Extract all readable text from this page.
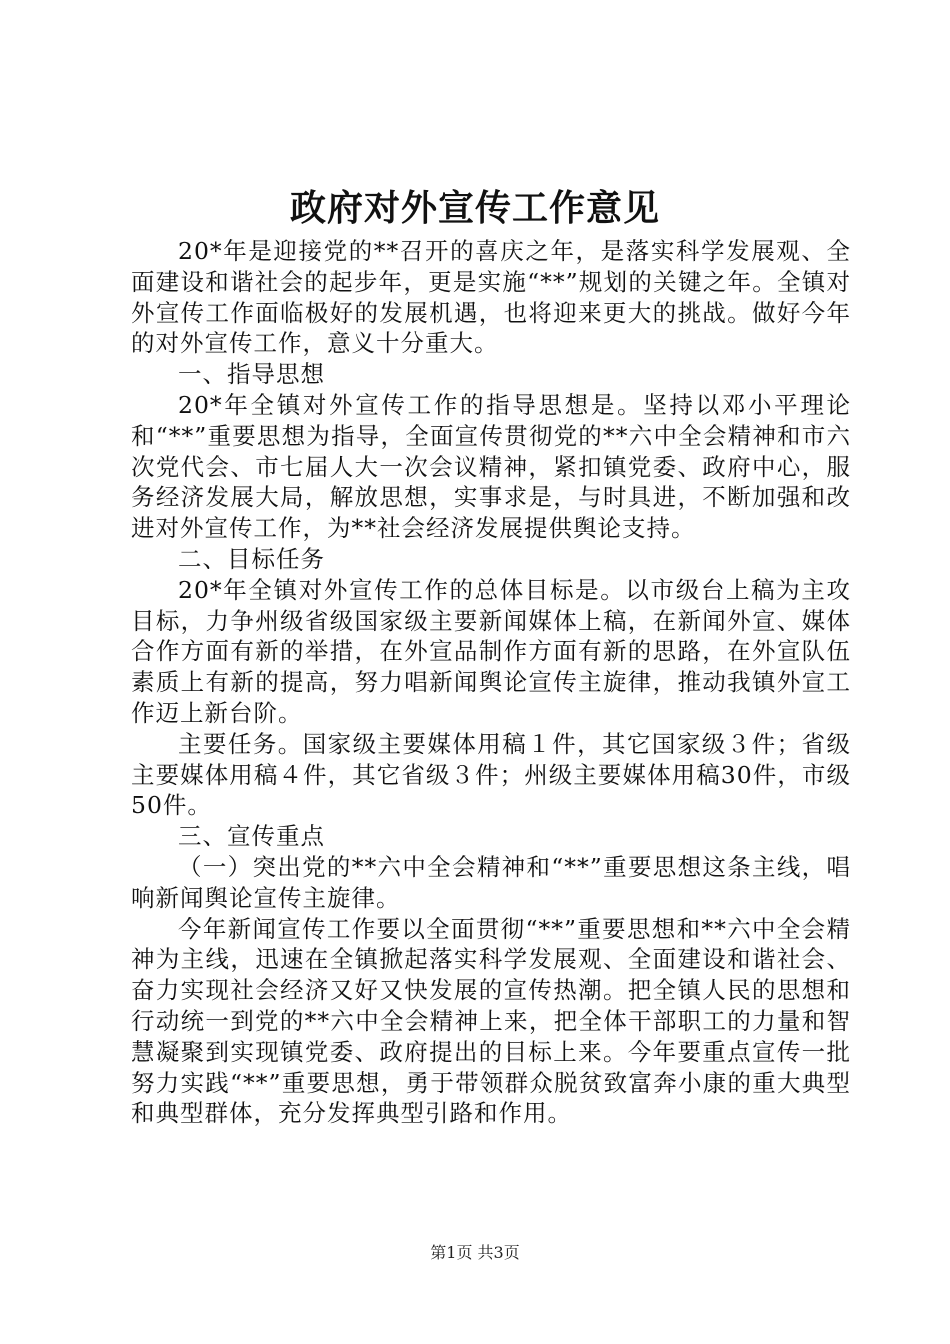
政府对外宣传工作意见

20*年是迎接党的**召开的喜庆之年，是落实科学发展观、全面建设和谐社会的起步年，更是实施“**”规划的关键之年。全镇对外宣传工作面临极好的发展机遇，也将迎来更大的挑战。做好今年的对外宣传工作，意义十分重大。

一、指导思想

20*年全镇对外宣传工作的指导思想是。坚持以邓小平理论和“**”重要思想为指导，全面宣传贯彻党的**六中全会精神和市六次党代会、市七届人大一次会议精神，紧扣镇党委、政府中心，服务经济发展大局，解放思想，实事求是，与时具进，不断加强和改进对外宣传工作，为**社会经济发展提供舆论支持。

二、目标任务

20*年全镇对外宣传工作的总体目标是。以市级台上稿为主攻目标，力争州级省级国家级主要新闻媒体上稿，在新闻外宣、媒体合作方面有新的举措，在外宣品制作方面有新的思路，在外宣队伍素质上有新的提高，努力唱新闻舆论宣传主旋律，推动我镇外宣工作迈上新台阶。

主要任务。国家级主要媒体用稿１件，其它国家级３件；省级主要媒体用稿４件，其它省级３件；州级主要媒体用稿30件，市级50件。

三、宣传重点

（一）突出党的**六中全会精神和“**”重要思想这条主线，唱响新闻舆论宣传主旋律。

今年新闻宣传工作要以全面贯彻“**”重要思想和**六中全会精神为主线，迅速在全镇掀起落实科学发展观、全面建设和谐社会、奋力实现社会经济又好又快发展的宣传热潮。把全镇人民的思想和行动统一到党的**六中全会精神上来，把全体干部职工的力量和智慧凝聚到实现镇党委、政府提出的目标上来。今年要重点宣传一批努力实践“**”重要思想，勇于带领群众脱贫致富奔小康的重大典型和典型群体，充分发挥典型引路和作用。

第1页 共3页
